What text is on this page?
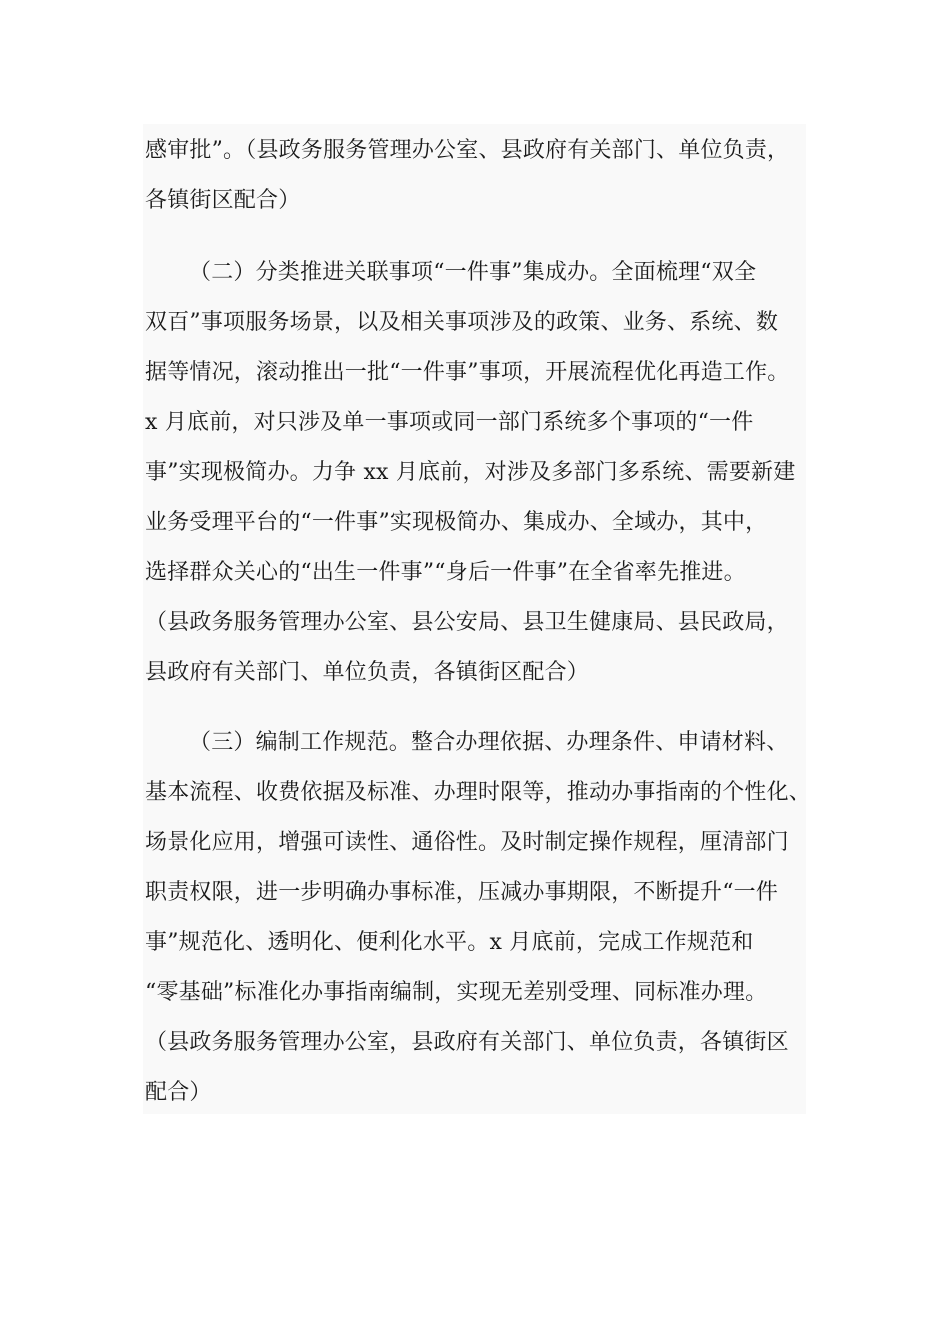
感审批”。（县政务服务管理办公室、县政府有关部门、单位负责，
各镇街区配合）
（二）分类推进关联事项“一件事”集成办。全面梳理“双全
双百”事项服务场景，以及相关事项涉及的政策、业务、系统、数
据等情况，滚动推出一批“一件事”事项，开展流程优化再造工作。
x 月底前，对只涉及单一事项或同一部门系统多个事项的“一件
事”实现极简办。力争 xx 月底前，对涉及多部门多系统、需要新建
业务受理平台的“一件事”实现极简办、集成办、全域办，其中，
选择群众关心的“出生一件事”“身后一件事”在全省率先推进。
（县政务服务管理办公室、县公安局、县卫生健康局、县民政局，
县政府有关部门、单位负责，各镇街区配合）
（三）编制工作规范。整合办理依据、办理条件、申请材料、
基本流程、收费依据及标准、办理时限等，推动办事指南的个性化、
场景化应用，增强可读性、通俗性。及时制定操作规程，厘清部门
职责权限，进一步明确办事标准，压减办事期限，不断提升“一件
事”规范化、透明化、便利化水平。x 月底前，完成工作规范和
“零基础”标准化办事指南编制，实现无差别受理、同标准办理。
（县政务服务管理办公室，县政府有关部门、单位负责，各镇街区
配合）
